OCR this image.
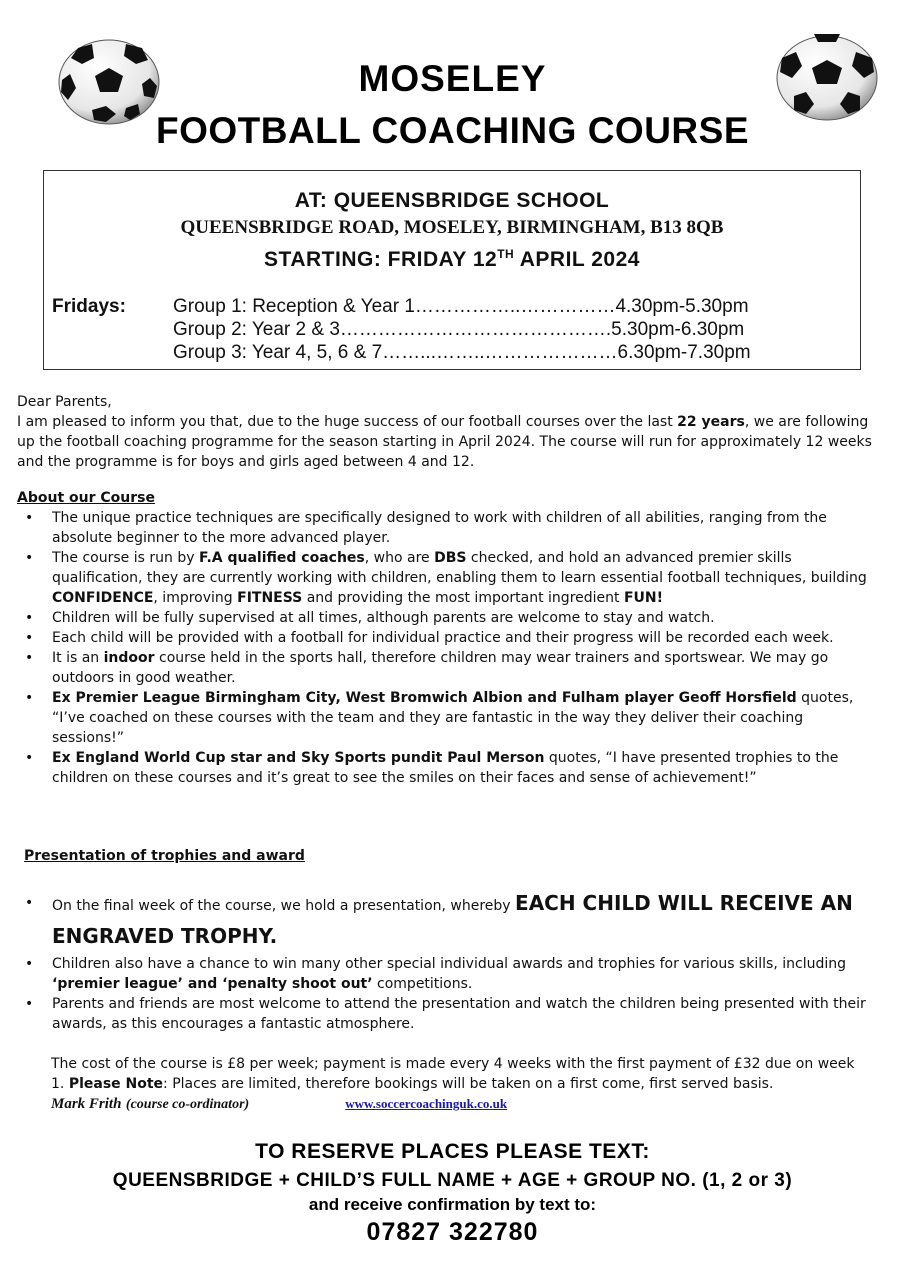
MOSELEY
FOOTBALL COACHING COURSE
AT: QUEENSBRIDGE SCHOOL
QUEENSBRIDGE ROAD, MOSELEY, BIRMINGHAM, B13 8QB
STARTING: FRIDAY 12TH APRIL 2024
Fridays: Group 1: Reception & Year 1……………..……………4.30pm-5.30pm
Group 2: Year 2 & 3…………………………………….5.30pm-6.30pm
Group 3: Year 4, 5, 6 & 7……...……..…………………6.30pm-7.30pm
Dear Parents,
I am pleased to inform you that, due to the huge success of our football courses over the last 22 years, we are following up the football coaching programme for the season starting in April 2024. The course will run for approximately 12 weeks and the programme is for boys and girls aged between 4 and 12.
About our Course
• The unique practice techniques are specifically designed to work with children of all abilities, ranging from the absolute beginner to the more advanced player.
• The course is run by F.A qualified coaches, who are DBS checked, and hold an advanced premier skills qualification, they are currently working with children, enabling them to learn essential football techniques, building CONFIDENCE, improving FITNESS and providing the most important ingredient FUN!
• Children will be fully supervised at all times, although parents are welcome to stay and watch.
• Each child will be provided with a football for individual practice and their progress will be recorded each week.
• It is an indoor course held in the sports hall, therefore children may wear trainers and sportswear. We may go outdoors in good weather.
• Ex Premier League Birmingham City, West Bromwich Albion and Fulham player Geoff Horsfield quotes, “I’ve coached on these courses with the team and they are fantastic in the way they deliver their coaching sessions!”
• Ex England World Cup star and Sky Sports pundit Paul Merson quotes, “I have presented trophies to the children on these courses and it’s great to see the smiles on their faces and sense of achievement!”
Presentation of trophies and award
• On the final week of the course, we hold a presentation, whereby EACH CHILD WILL RECEIVE AN ENGRAVED TROPHY.
• Children also have a chance to win many other special individual awards and trophies for various skills, including ‘premier league’ and ‘penalty shoot out’ competitions.
• Parents and friends are most welcome to attend the presentation and watch the children being presented with their awards, as this encourages a fantastic atmosphere.
The cost of the course is £8 per week; payment is made every 4 weeks with the first payment of £32 due on week 1. Please Note: Places are limited, therefore bookings will be taken on a first come, first served basis. Mark Frith (course co-ordinator)	www.soccercoachinguk.co.uk
TO RESERVE PLACES PLEASE TEXT:
QUEENSBRIDGE + CHILD’S FULL NAME + AGE + GROUP NO. (1, 2 or 3)
and receive confirmation by text to:
07827 322780
